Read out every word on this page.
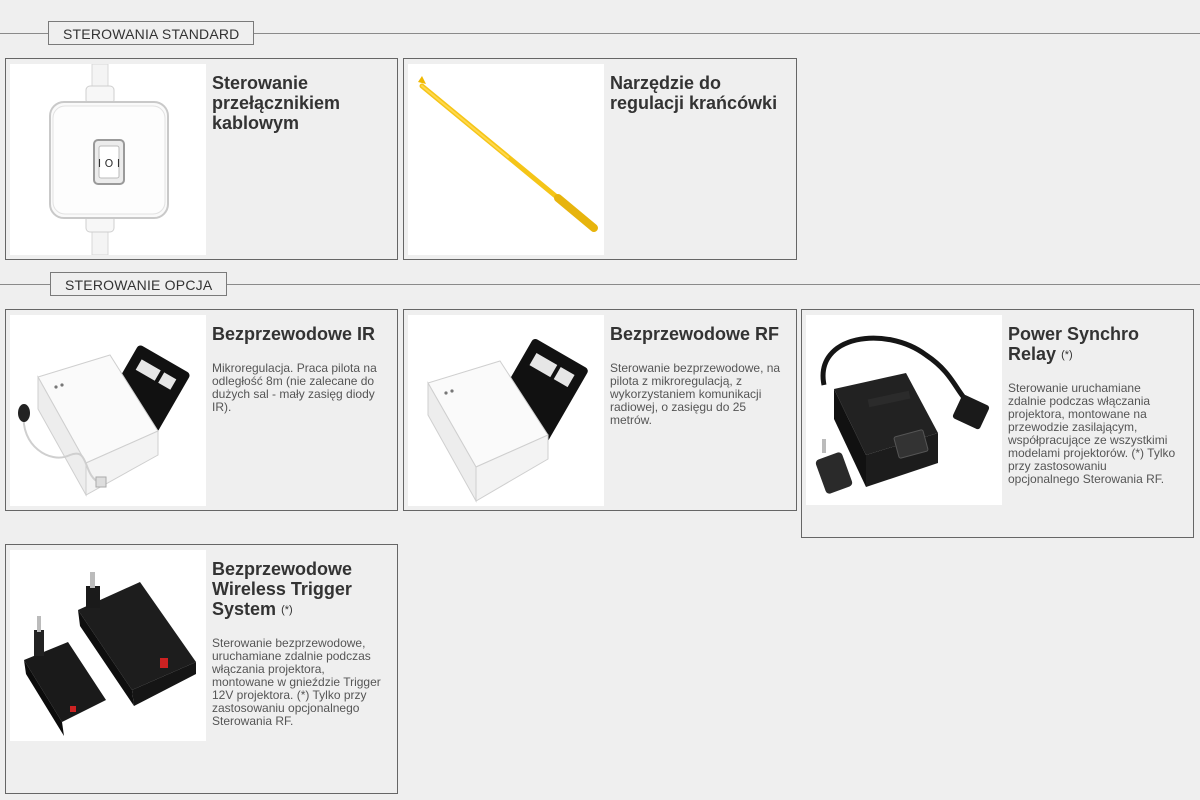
STEROWANIA STANDARD
I O I
Sterowanie przełącznikiem kablowym
Narzędzie do regulacji krańcówki
STEROWANIE OPCJA
Bezprzewodowe IR
Mikroregulacja. Praca pilota na odległość 8m (nie zalecane do dużych sal - mały zasięg diody IR).
Bezprzewodowe RF
Sterowanie bezprzewodowe, na pilota z mikroregulacją, z wykorzystaniem komunikacji radiowej, o zasięgu do 25 metrów.
Power Synchro Relay (*)
Sterowanie uruchamiane zdalnie podczas włączania projektora, montowane na przewodzie zasilającym, współpracujące ze wszystkimi modelami projektorów. (*) Tylko przy zastosowaniu opcjonalnego Sterowania RF.
Bezprzewodowe Wireless Trigger System (*)
Sterowanie bezprzewodowe, uruchamiane zdalnie podczas włączania projektora, montowane w gnieździe Trigger 12V projektora. (*) Tylko przy zastosowaniu opcjonalnego Sterowania RF.
